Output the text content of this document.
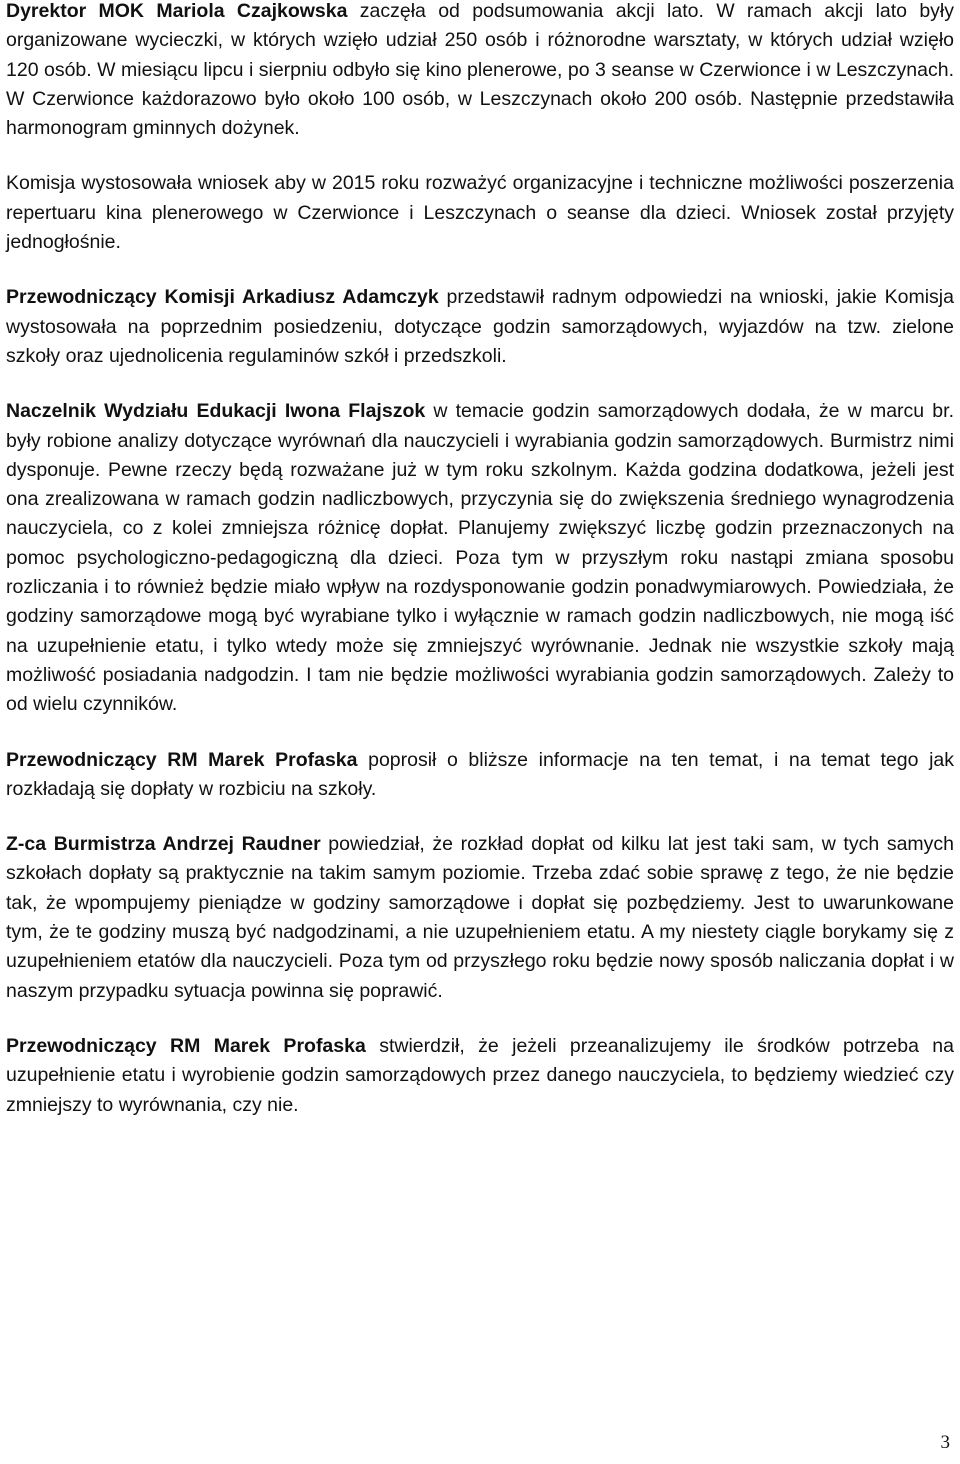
Dyrektor MOK Mariola Czajkowska zaczęła od podsumowania akcji lato. W ramach akcji lato były organizowane wycieczki, w których wzięło udział 250 osób i różnorodne warsztaty, w których udział wzięło 120 osób. W miesiącu lipcu i sierpniu odbyło się kino plenerowe, po 3 seanse w Czerwionce i w Leszczynach. W Czerwionce każdorazowo było około 100 osób, w Leszczynach około 200 osób. Następnie przedstawiła harmonogram gminnych dożynek.

Komisja wystosowała wniosek aby w 2015 roku rozważyć organizacyjne i techniczne możliwości poszerzenia repertuaru kina plenerowego w Czerwionce i Leszczynach o seanse dla dzieci. Wniosek został przyjęty jednogłośnie.

Przewodniczący Komisji Arkadiusz Adamczyk przedstawił radnym odpowiedzi na wnioski, jakie Komisja wystosowała na poprzednim posiedzeniu, dotyczące godzin samorządowych, wyjazdów na tzw. zielone szkoły oraz ujednolicenia regulaminów szkół i przedszkoli.

Naczelnik Wydziału Edukacji Iwona Flajszok w temacie godzin samorządowych dodała, że w marcu br. były robione analizy dotyczące wyrównań dla nauczycieli i wyrabiania godzin samorządowych. Burmistrz nimi dysponuje. Pewne rzeczy będą rozważane już w tym roku szkolnym. Każda godzina dodatkowa, jeżeli jest ona zrealizowana w ramach godzin nadliczbowych, przyczynia się do zwiększenia średniego wynagrodzenia nauczyciela, co z kolei zmniejsza różnicę dopłat. Planujemy zwiększyć liczbę godzin przeznaczonych na pomoc psychologiczno-pedagogiczną dla dzieci. Poza tym w przyszłym roku nastąpi zmiana sposobu rozliczania i to również będzie miało wpływ na rozdysponowanie godzin ponadwymiarowych. Powiedziała, że godziny samorządowe mogą być wyrabiane tylko i wyłącznie w ramach godzin nadliczbowych, nie mogą iść na uzupełnienie etatu, i tylko wtedy może się zmniejszyć wyrównanie. Jednak nie wszystkie szkoły mają możliwość posiadania nadgodzin. I tam nie będzie możliwości wyrabiania godzin samorządowych. Zależy to od wielu czynników.

Przewodniczący RM Marek Profaska poprosił o bliższe informacje na ten temat, i na temat tego jak rozkładają się dopłaty w rozbiciu na szkoły.

Z-ca Burmistrza Andrzej Raudner powiedział, że rozkład dopłat od kilku lat jest taki sam, w tych samych szkołach dopłaty są praktycznie na takim samym poziomie. Trzeba zdać sobie sprawę z tego, że nie będzie tak, że wpompujemy pieniądze w godziny samorządowe i dopłat się pozbędziemy. Jest to uwarunkowane tym, że te godziny muszą być nadgodzinami, a nie uzupełnieniem etatu. A my niestety ciągle borykamy się z uzupełnieniem etatów dla nauczycieli. Poza tym od przyszłego roku będzie nowy sposób naliczania dopłat i w naszym przypadku sytuacja powinna się poprawić.

Przewodniczący RM Marek Profaska stwierdził, że jeżeli przeanalizujemy ile środków potrzeba na uzupełnienie etatu i wyrobienie godzin samorządowych przez danego nauczyciela, to będziemy wiedzieć czy zmniejszy to wyrównania, czy nie.

3
